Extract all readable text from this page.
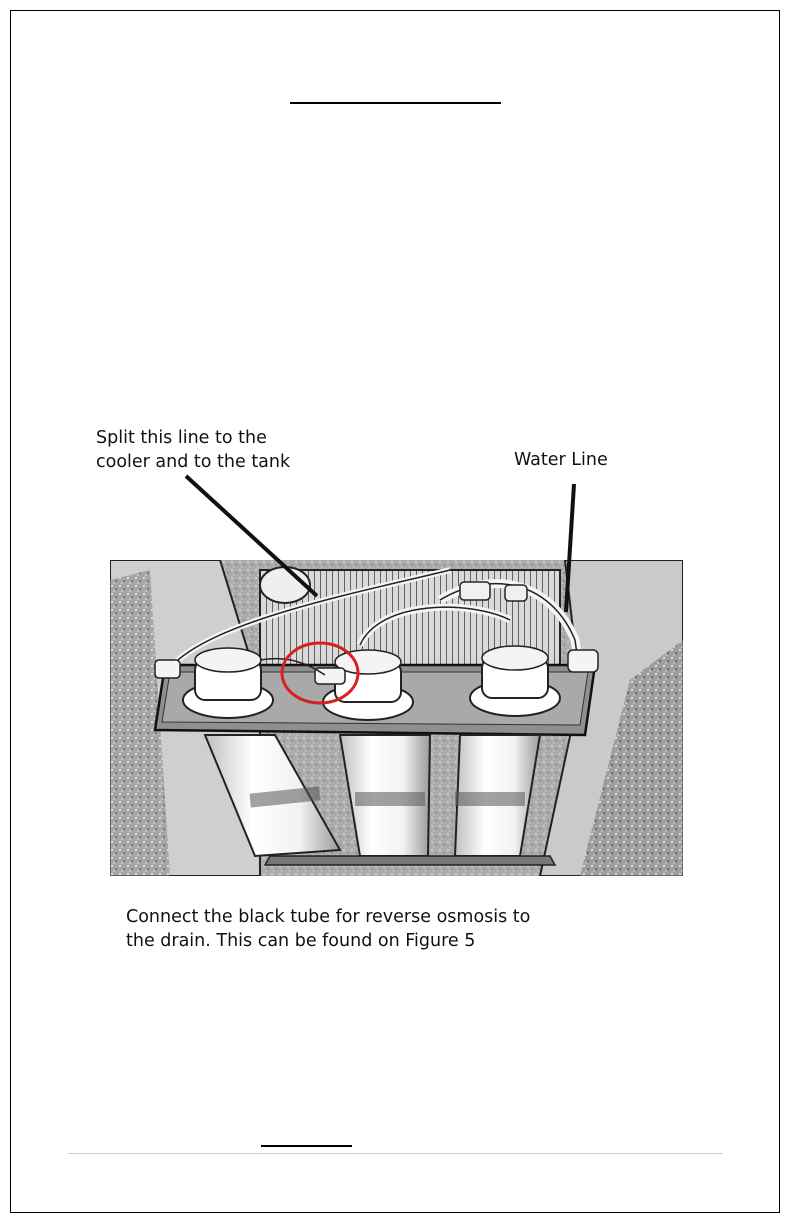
Split this line to the
cooler and to the tank	Water Line
Connect the black tube for reverse osmosis to
the drain. This can be found on Figure 5
